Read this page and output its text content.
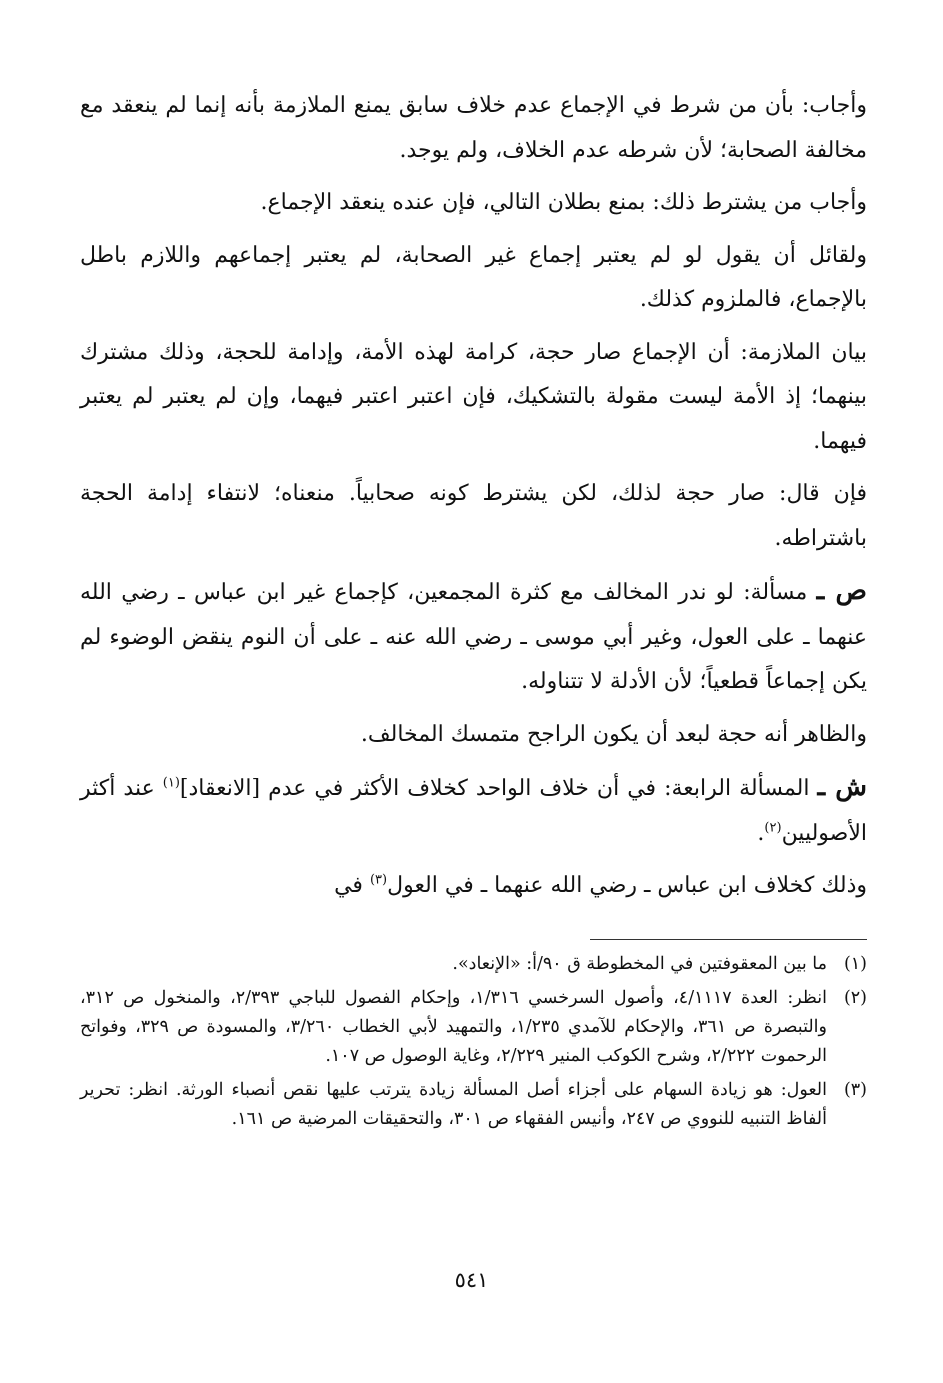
وأجاب: بأن من شرط في الإجماع عدم خلاف سابق يمنع الملازمة بأنه إنما لم ينعقد مع مخالفة الصحابة؛ لأن شرطه عدم الخلاف، ولم يوجد.

وأجاب من يشترط ذلك: بمنع بطلان التالي، فإن عنده ينعقد الإجماع.

ولقائل أن يقول لو لم يعتبر إجماع غير الصحابة، لم يعتبر إجماعهم واللازم باطل بالإجماع، فالملزوم كذلك.

بيان الملازمة: أن الإجماع صار حجة، كرامة لهذه الأمة، وإدامة للحجة، وذلك مشترك بينهما؛ إذ الأمة ليست مقولة بالتشكيك، فإن اعتبر اعتبر فيهما، وإن لم يعتبر لم يعتبر فيهما.

فإن قال: صار حجة لذلك، لكن يشترط كونه صحابياً. منعناه؛ لانتفاء إدامة الحجة باشتراطه.

ص ـ مسألة: لو ندر المخالف مع كثرة المجمعين، كإجماع غير ابن عباس ـ رضي الله عنهما ـ على العول، وغير أبي موسى ـ رضي الله عنه ـ على أن النوم ينقض الوضوء لم يكن إجماعاً قطعياً؛ لأن الأدلة لا تتناوله.

والظاهر أنه حجة لبعد أن يكون الراجح متمسك المخالف.

ش ـ المسألة الرابعة: في أن خلاف الواحد كخلاف الأكثر في عدم [الانعقاد]$^{(١)}$ عند أكثر الأصوليين$^{(٢)}$.

وذلك كخلاف ابن عباس ـ رضي الله عنهما ـ في العول$^{(٣)}$ في

(١)
ما بين المعقوفتين في المخطوطة ق ٩٠/أ: «الإنعاد».
(٢)
انظر: العدة ٤/١١١٧، وأصول السرخسي ١/٣١٦، وإحكام الفصول للباجي ٢/٣٩٣، والمنخول ص ٣١٢، والتبصرة ص ٣٦١، والإحكام للآمدي ١/٢٣٥، والتمهيد لأبي الخطاب ٣/٢٦٠، والمسودة ص ٣٢٩، وفواتح الرحموت ٢/٢٢٢، وشرح الكوكب المنير ٢/٢٢٩، وغاية الوصول ص ١٠٧.
(٣)
العول: هو زيادة السهام على أجزاء أصل المسألة زيادة يترتب عليها نقص أنصباء الورثة. انظر: تحرير ألفاظ التنبيه للنووي ص ٢٤٧، وأنيس الفقهاء ص ٣٠١، والتحقيقات المرضية ص ١٦١.
٥٤١
